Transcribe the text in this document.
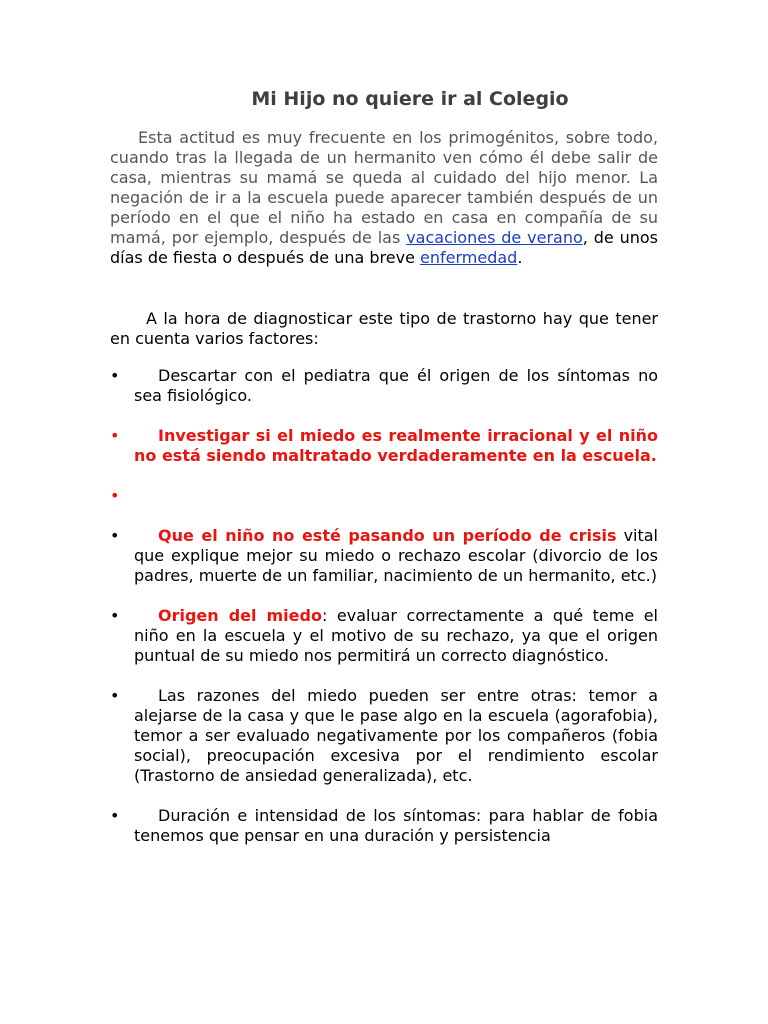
Mi Hijo no quiere ir al Colegio
Esta actitud es muy frecuente en los primogénitos, sobre todo, cuando tras la llegada de un hermanito ven cómo él debe salir de casa, mientras su mamá se queda al cuidado del hijo menor. La negación de ir a la escuela puede aparecer también después de un período en el que el niño ha estado en casa en compañía de su mamá, por ejemplo, después de las vacaciones de verano, de unos días de fiesta o después de una breve enfermedad.
A la hora de diagnosticar este tipo de trastorno hay que tener en cuenta varios factores:
•	Descartar con el pediatra que él origen de los síntomas no sea fisiológico.
•	Investigar si el miedo es realmente irracional y el niño no está siendo maltratado verdaderamente en la escuela.
•
•	Que el niño no esté pasando un período de crisis vital que explique mejor su miedo o rechazo escolar (divorcio de los padres, muerte de un familiar, nacimiento de un hermanito, etc.)
•	Origen del miedo: evaluar correctamente a qué teme el niño en la escuela y el motivo de su rechazo, ya que el origen puntual de su miedo nos permitirá un correcto diagnóstico.
•	Las razones del miedo pueden ser entre otras: temor a alejarse de la casa y que le pase algo en la escuela (agorafobia), temor a ser evaluado negativamente por los compañeros (fobia social), preocupación excesiva por el rendimiento escolar (Trastorno de ansiedad generalizada), etc.
•	Duración e intensidad de los síntomas: para hablar de fobia tenemos que pensar en una duración y persistencia
